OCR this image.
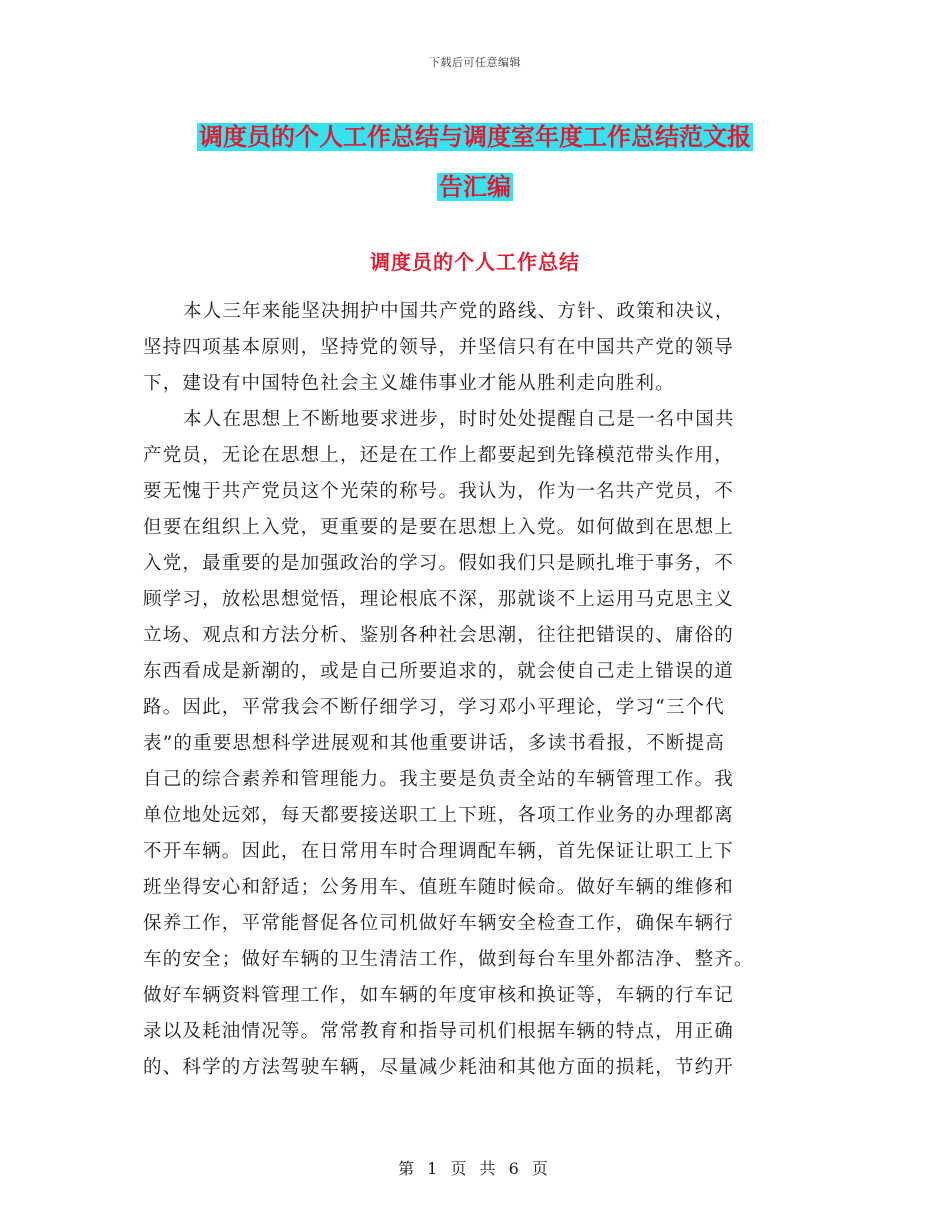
下载后可任意编辑
调度员的个人工作总结与调度室年度工作总结范文报
告汇编
调度员的个人工作总结
本人三年来能坚决拥护中国共产党的路线、方针、政策和决议，
坚持四项基本原则，坚持党的领导，并坚信只有在中国共产党的领导
下，建设有中国特色社会主义雄伟事业才能从胜利走向胜利。
本人在思想上不断地要求进步，时时处处提醒自己是一名中国共
产党员，无论在思想上，还是在工作上都要起到先锋模范带头作用，
要无愧于共产党员这个光荣的称号。我认为，作为一名共产党员，不
但要在组织上入党，更重要的是要在思想上入党。如何做到在思想上
入党，最重要的是加强政治的学习。假如我们只是顾扎堆于事务，不
顾学习，放松思想觉悟，理论根底不深，那就谈不上运用马克思主义
立场、观点和方法分析、鉴别各种社会思潮，往往把错误的、庸俗的
东西看成是新潮的，或是自己所要追求的，就会使自己走上错误的道
路。因此，平常我会不断仔细学习，学习邓小平理论，学习“三个代
表”的重要思想科学进展观和其他重要讲话，多读书看报，不断提高
自己的综合素养和管理能力。我主要是负责全站的车辆管理工作。我
单位地处远郊，每天都要接送职工上下班，各项工作业务的办理都离
不开车辆。因此，在日常用车时合理调配车辆，首先保证让职工上下
班坐得安心和舒适；公务用车、值班车随时候命。做好车辆的维修和
保养工作，平常能督促各位司机做好车辆安全检查工作，确保车辆行
车的安全；做好车辆的卫生清洁工作，做到每台车里外都洁净、整齐。
做好车辆资料管理工作，如车辆的年度审核和换证等，车辆的行车记
录以及耗油情况等。常常教育和指导司机们根据车辆的特点，用正确
的、科学的方法驾驶车辆，尽量减少耗油和其他方面的损耗，节约开
第 1 页 共 6 页
